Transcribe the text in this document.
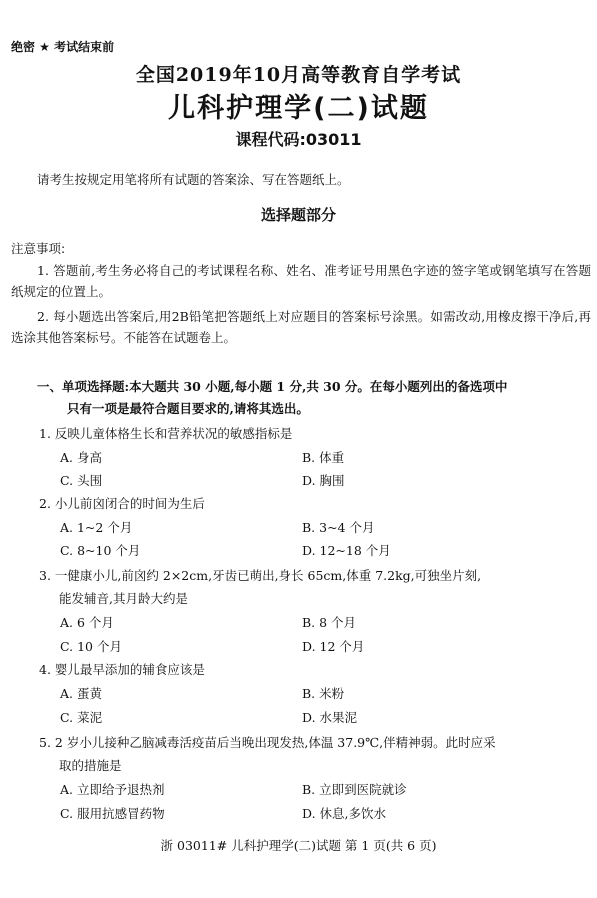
绝密 ★ 考试结束前
全国2019年10月高等教育自学考试
儿科护理学(二)试题
课程代码:03011
请考生按规定用笔将所有试题的答案涂、写在答题纸上。
选择题部分
注意事项:
1. 答题前,考生务必将自己的考试课程名称、姓名、准考证号用黑色字迹的签字笔或钢笔填写在答题纸规定的位置上。
2. 每小题选出答案后,用2B铅笔把答题纸上对应题目的答案标号涂黑。如需改动,用橡皮擦干净后,再选涂其他答案标号。不能答在试题卷上。
一、单项选择题:本大题共 30 小题,每小题 1 分,共 30 分。在每小题列出的备选项中
只有一项是最符合题目要求的,请将其选出。
1. 反映儿童体格生长和营养状况的敏感指标是
A. 身高	B. 体重
C. 头围	D. 胸围
2. 小儿前囟闭合的时间为生后
A. 1~2 个月	B. 3~4 个月
C. 8~10 个月	D. 12~18 个月
3. 一健康小儿,前囟约 2×2cm,牙齿已萌出,身长 65cm,体重 7.2kg,可独坐片刻,
能发辅音,其月龄大约是
A. 6 个月	B. 8 个月
C. 10 个月	D. 12 个月
4. 婴儿最早添加的辅食应该是
A. 蛋黄	B. 米粉
C. 菜泥	D. 水果泥
5. 2 岁小儿接种乙脑减毒活疫苗后当晚出现发热,体温 37.9℃,伴精神弱。此时应采
取的措施是
A. 立即给予退热剂	B. 立即到医院就诊
C. 服用抗感冒药物	D. 休息,多饮水
浙 03011# 儿科护理学(二)试题 第 1 页(共 6 页)
